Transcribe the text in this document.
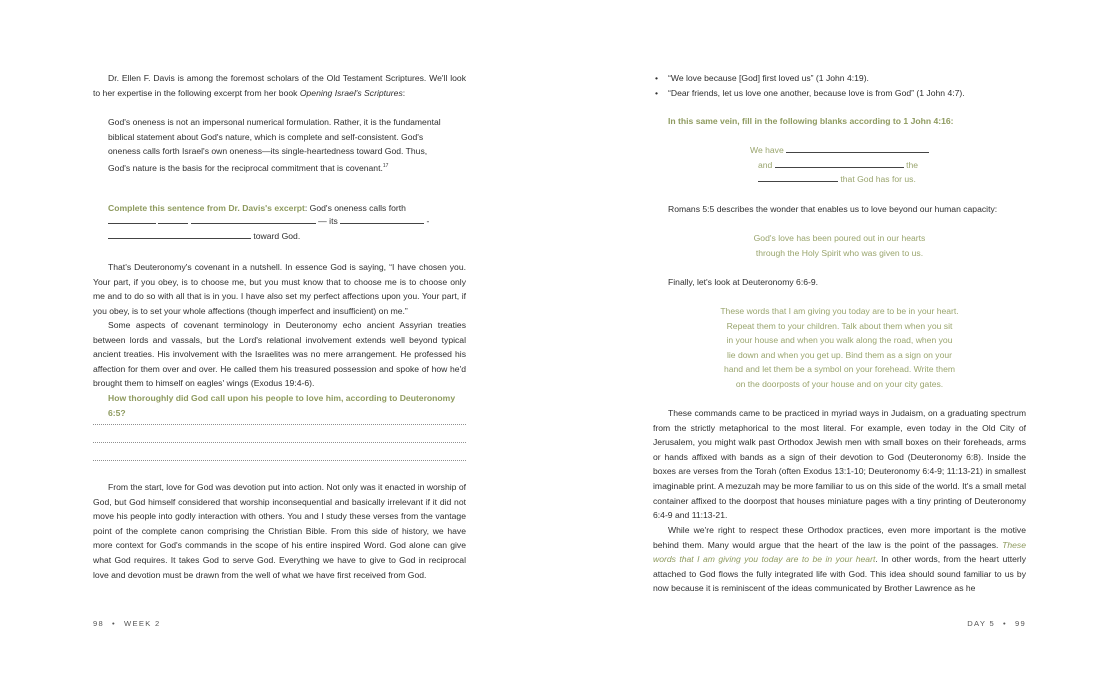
Dr. Ellen F. Davis is among the foremost scholars of the Old Testament Scriptures. We'll look to her expertise in the following excerpt from her book Opening Israel's Scriptures:

God's oneness is not an impersonal numerical formulation. Rather, it is the fundamental biblical statement about God's nature, which is complete and self-consistent. God's oneness calls forth Israel's own oneness—its single-heartedness toward God. Thus, God's nature is the basis for the reciprocal commitment that is covenant.$^{17}$

Complete this sentence from Dr. Davis's excerpt: God's oneness calls forth

— its	-
toward God.

That's Deuteronomy's covenant in a nutshell. In essence God is saying, “I have chosen you. Your part, if you obey, is to choose me, but you must know that to choose me is to choose only me and to do so with all that is in you. I have also set my perfect affections upon you. Your part, if you obey, is to set your whole affections (though imperfect and insufficient) on me.”

Some aspects of covenant terminology in Deuteronomy echo ancient Assyrian treaties between lords and vassals, but the Lord's relational involvement extends well beyond typical ancient treaties. His involvement with the Israelites was no mere arrangement. He professed his affection for them over and over. He called them his treasured possession and spoke of how he'd brought them to himself on eagles' wings (Exodus 19:4-6).

How thoroughly did God call upon his people to love him, according to Deuteronomy 6:5?

From the start, love for God was devotion put into action. Not only was it enacted in worship of God, but God himself considered that worship inconsequential and basically irrelevant if it did not move his people into godly interaction with others. You and I study these verses from the vantage point of the complete canon comprising the Christian Bible. From this side of history, we have more context for God's commands in the scope of his entire inspired Word. God alone can give what God requires. It takes God to serve God. Everything we have to give to God in reciprocal love and devotion must be drawn from the well of what we have first received from God.

98 • WEEK 2
• “We love because [God] first loved us” (1 John 4:19).
• “Dear friends, let us love one another, because love is from God” (1 John 4:7).

In this same vein, fill in the following blanks according to 1 John 4:16:

We have
and	the
that God has for us.

Romans 5:5 describes the wonder that enables us to love beyond our human capacity:

God's love has been poured out in our hearts
through the Holy Spirit who was given to us.

Finally, let's look at Deuteronomy 6:6-9.

These words that I am giving you today are to be in your heart.
Repeat them to your children. Talk about them when you sit
in your house and when you walk along the road, when you
lie down and when you get up. Bind them as a sign on your
hand and let them be a symbol on your forehead. Write them
on the doorposts of your house and on your city gates.

These commands came to be practiced in myriad ways in Judaism, on a graduating spectrum from the strictly metaphorical to the most literal. For example, even today in the Old City of Jerusalem, you might walk past Orthodox Jewish men with small boxes on their foreheads, arms or hands affixed with bands as a sign of their devotion to God (Deuteronomy 6:8). Inside the boxes are verses from the Torah (often Exodus 13:1-10; Deuteronomy 6:4-9; 11:13-21) in smallest imaginable print. A mezuzah may be more familiar to us on this side of the world. It's a small metal container affixed to the doorpost that houses miniature pages with a tiny printing of Deuteronomy 6:4-9 and 11:13-21.

While we're right to respect these Orthodox practices, even more important is the motive behind them. Many would argue that the heart of the law is the point of the passages. These words that I am giving you today are to be in your heart. In other words, from the heart utterly attached to God flows the fully integrated life with God. This idea should sound familiar to us by now because it is reminiscent of the ideas communicated by Brother Lawrence as he

DAY 5 • 99
